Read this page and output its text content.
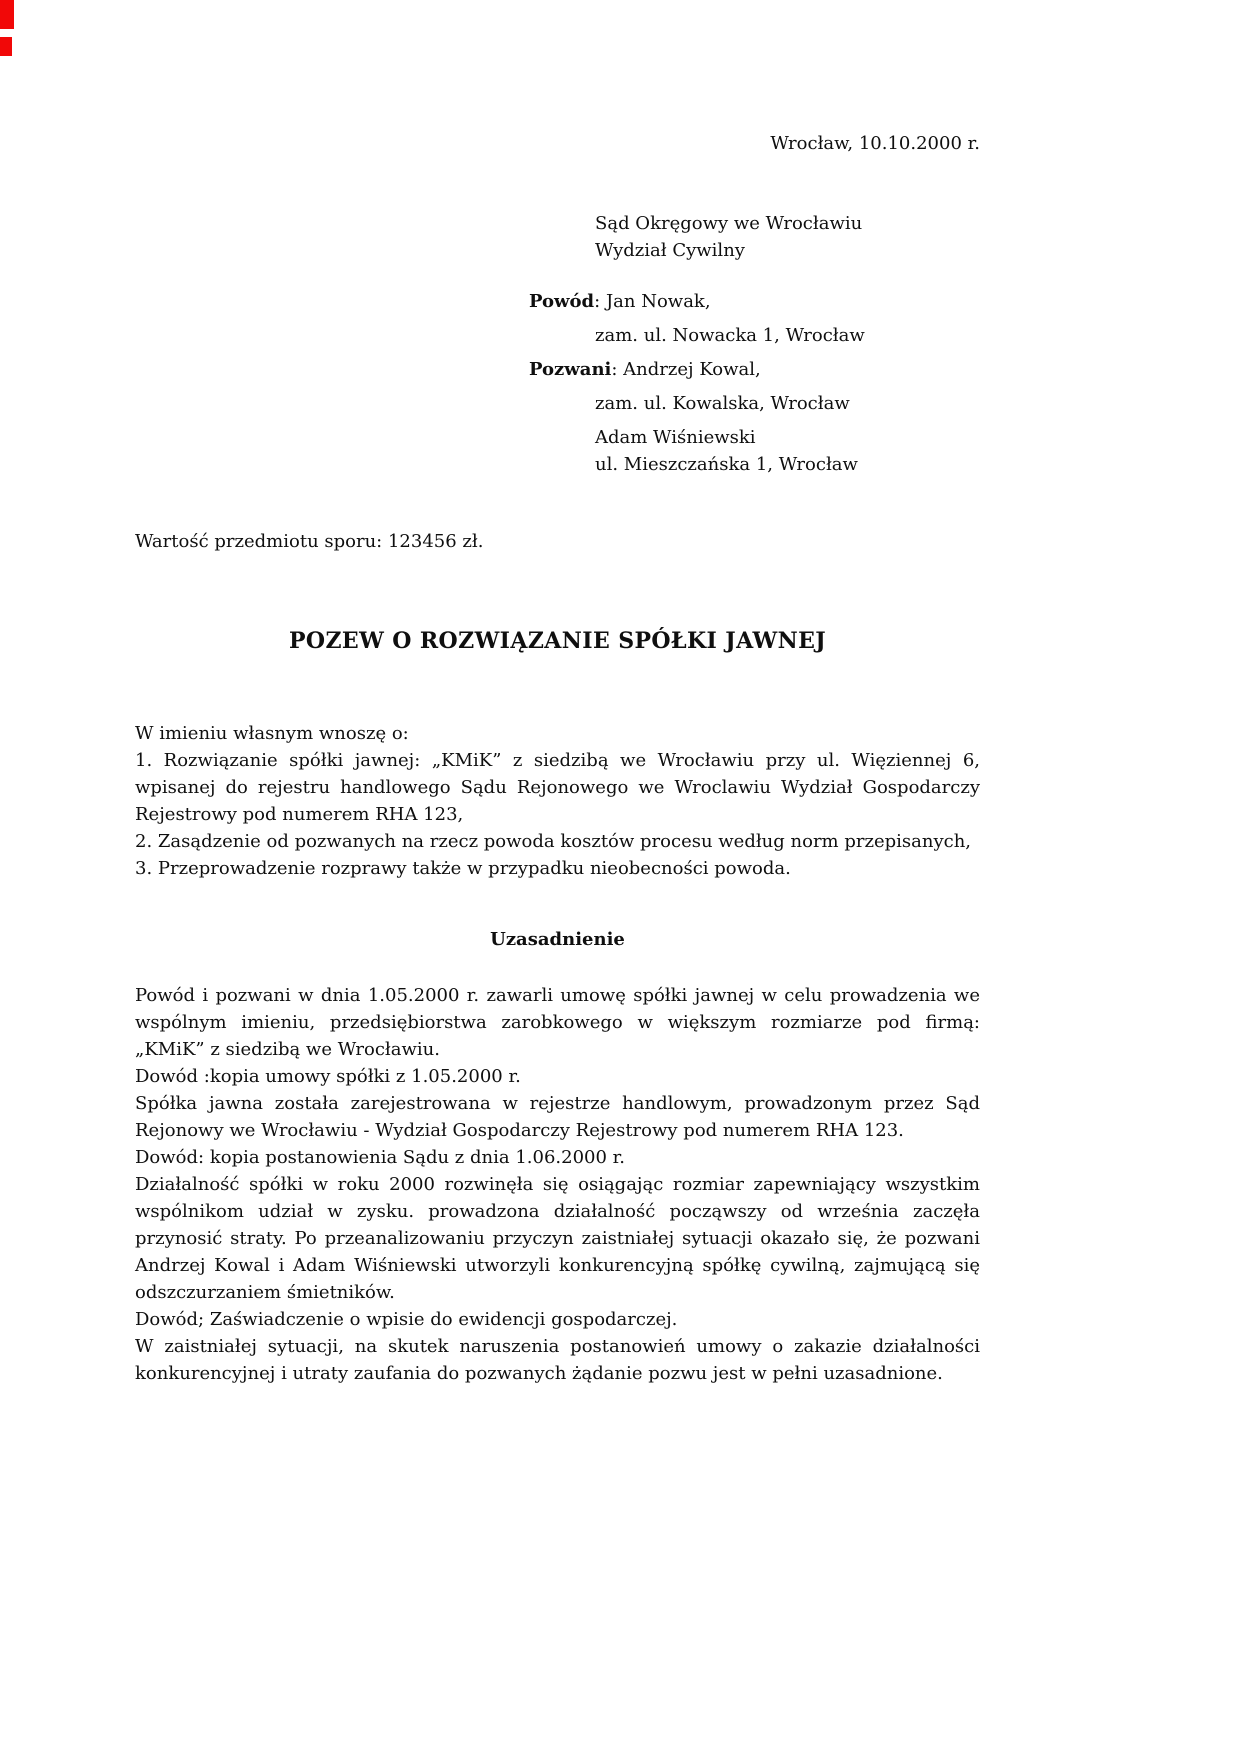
Wrocław, 10.10.2000 r.
Sąd Okręgowy we Wrocławiu
Wydział Cywilny
Powód: Jan Nowak,
zam. ul. Nowacka 1, Wrocław
Pozwani: Andrzej Kowal,
zam. ul. Kowalska, Wrocław
Adam Wiśniewski
ul. Mieszczańska 1, Wrocław
Wartość przedmiotu sporu: 123456 zł.
POZEW O ROZWIĄZANIE SPÓŁKI JAWNEJ

W imieniu własnym wnoszę o:

1. Rozwiązanie spółki jawnej: „KMiK” z siedzibą we Wrocławiu przy ul. Więziennej 6, wpisanej do rejestru handlowego Sądu Rejonowego we Wroclawiu Wydział Gospodarczy Rejestrowy pod numerem RHA 123,

2. Zasądzenie od pozwanych na rzecz powoda kosztów procesu według norm przepisanych,

3. Przeprowadzenie rozprawy także w przypadku nieobecności powoda.

Uzasadnienie

Powód i pozwani w dnia 1.05.2000 r. zawarli umowę spółki jawnej w celu prowadzenia we wspólnym imieniu, przedsiębiorstwa zarobkowego w większym rozmiarze pod firmą: „KMiK” z siedzibą we Wrocławiu.

Dowód :kopia umowy spółki z 1.05.2000 r.

Spółka jawna została zarejestrowana w rejestrze handlowym, prowadzonym przez Sąd Rejonowy we Wrocławiu - Wydział Gospodarczy Rejestrowy pod numerem RHA 123.

Dowód: kopia postanowienia Sądu z dnia 1.06.2000 r.

Działalność spółki w roku 2000 rozwinęła się osiągając rozmiar zapewniający wszystkim wspólnikom udział w zysku. prowadzona działalność począwszy od września zaczęła przynosić straty. Po przeanalizowaniu przyczyn zaistniałej sytuacji okazało się, że pozwani Andrzej Kowal i Adam Wiśniewski utworzyli konkurencyjną spółkę cywilną, zajmującą się odszczurzaniem śmietników.

Dowód; Zaświadczenie o wpisie do ewidencji gospodarczej.

W zaistniałej sytuacji, na skutek naruszenia postanowień umowy o zakazie działalności konkurencyjnej i utraty zaufania do pozwanych żądanie pozwu jest w pełni uzasadnione.
